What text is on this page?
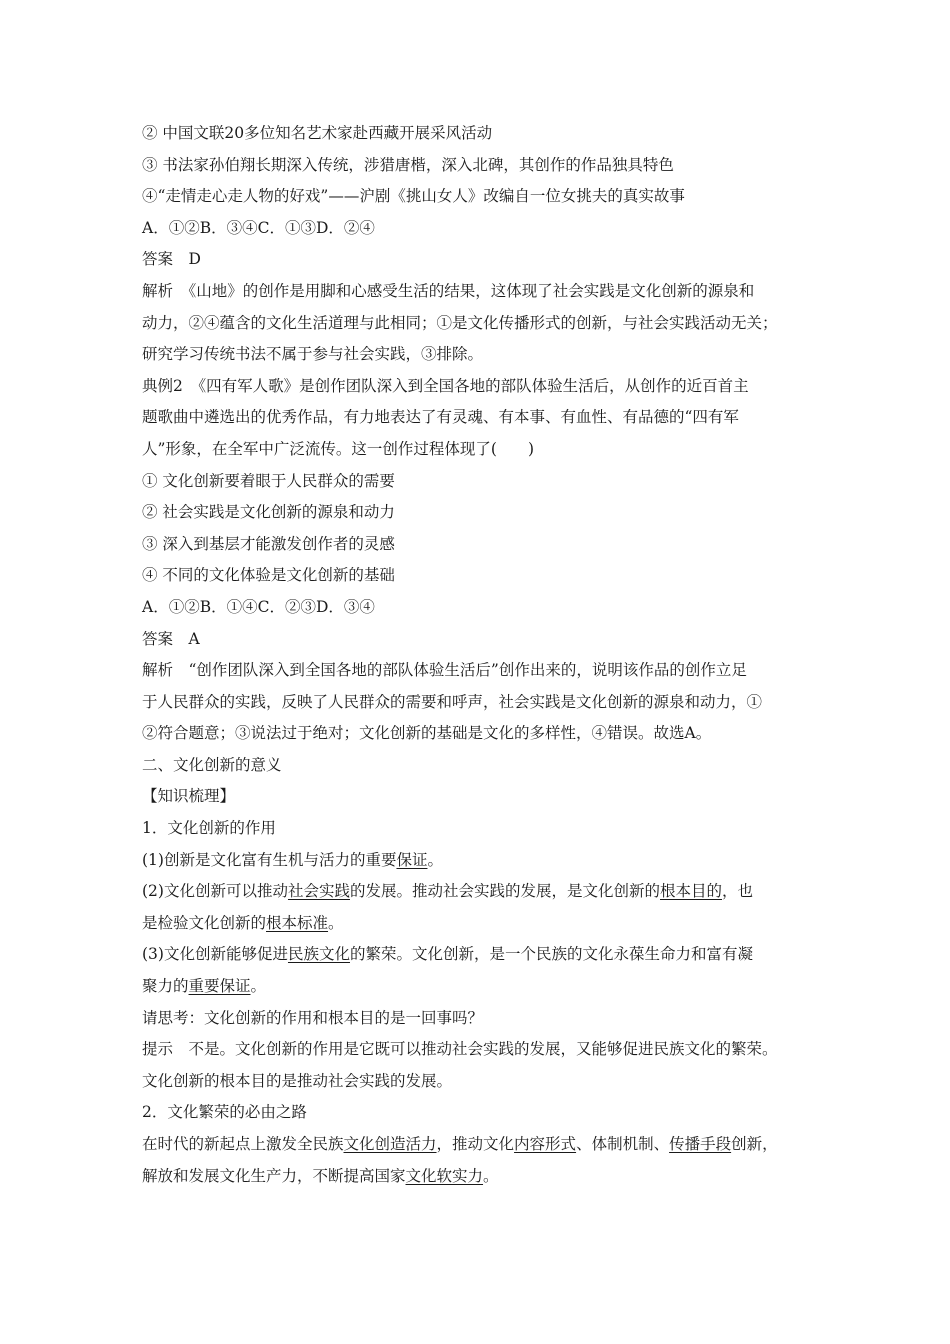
② 中国文联20多位知名艺术家赴西藏开展采风活动
③ 书法家孙伯翔长期深入传统，涉猎唐楷，深入北碑，其创作的作品独具特色
④“走情走心走人物的好戏”——沪剧《挑山女人》改编自一位女挑夫的真实故事
A．①②B．③④C．①③D．②④
答案　D
解析　《山地》的创作是用脚和心感受生活的结果，这体现了社会实践是文化创新的源泉和
动力，②④蕴含的文化生活道理与此相同；①是文化传播形式的创新，与社会实践活动无关；
研究学习传统书法不属于参与社会实践，③排除。
典例2　《四有军人歌》是创作团队深入到全国各地的部队体验生活后，从创作的近百首主
题歌曲中遴选出的优秀作品，有力地表达了有灵魂、有本事、有血性、有品德的“四有军
人”形象，在全军中广泛流传。这一创作过程体现了(　　)
① 文化创新要着眼于人民群众的需要
② 社会实践是文化创新的源泉和动力
③ 深入到基层才能激发创作者的灵感
④ 不同的文化体验是文化创新的基础
A．①②B．①④C．②③D．③④
答案　A
解析　“创作团队深入到全国各地的部队体验生活后”创作出来的，说明该作品的创作立足
于人民群众的实践，反映了人民群众的需要和呼声，社会实践是文化创新的源泉和动力，①
②符合题意；③说法过于绝对；文化创新的基础是文化的多样性，④错误。故选A。
二、文化创新的意义
【知识梳理】
1．文化创新的作用
(1)创新是文化富有生机与活力的重要保证。
(2)文化创新可以推动社会实践的发展。推动社会实践的发展，是文化创新的根本目的，也
是检验文化创新的根本标准。
(3)文化创新能够促进民族文化的繁荣。文化创新，是一个民族的文化永葆生命力和富有凝
聚力的重要保证。
请思考：文化创新的作用和根本目的是一回事吗？
提示　不是。文化创新的作用是它既可以推动社会实践的发展，又能够促进民族文化的繁荣。
文化创新的根本目的是推动社会实践的发展。
2．文化繁荣的必由之路
在时代的新起点上激发全民族文化创造活力，推动文化内容形式、体制机制、传播手段创新，
解放和发展文化生产力，不断提高国家文化软实力。
